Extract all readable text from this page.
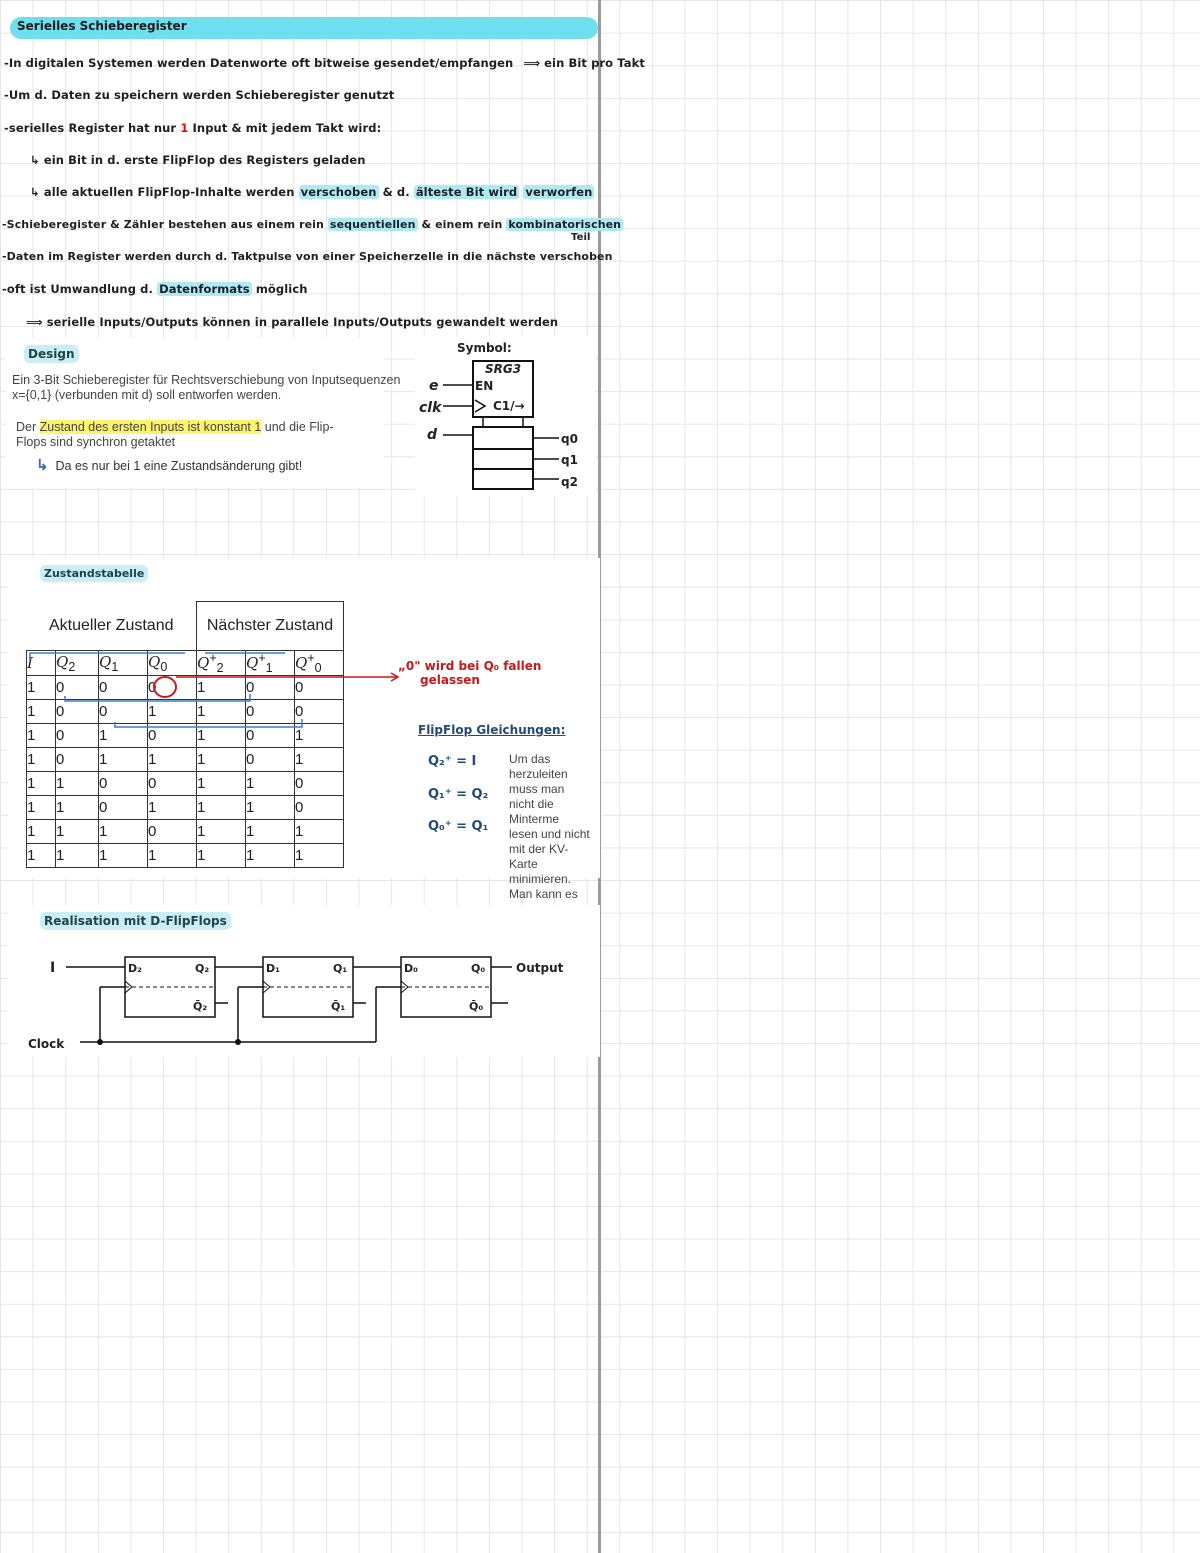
Serielles Schieberegister
-In digitalen Systemen werden Datenworte oft bitweise gesendet/empfangen ⟹ ein Bit pro Takt
-Um d. Daten zu speichern werden Schieberegister genutzt
-serielles Register hat nur 1 Input & mit jedem Takt wird:
↳ ein Bit in d. erste FlipFlop des Registers geladen
↳ alle aktuellen FlipFlop-Inhalte werden verschoben & d. älteste Bit wird verworfen
-Schieberegister & Zähler bestehen aus einem rein sequentiellen & einem rein kombinatorischen
Teil
-Daten im Register werden durch d. Taktpulse von einer Speicherzelle in die nächste verschoben
-oft ist Umwandlung d. Datenformats möglich
⟹ serielle Inputs/Outputs können in parallele Inputs/Outputs gewandelt werden
Design
Ein 3-Bit Schieberegister für Rechtsverschiebung von Inputsequenzen x={0,1} (verbunden mit d) soll entworfen werden.
Der Zustand des ersten Inputs ist konstant 1 und die Flip-Flops sind synchron getaktet
↳ Da es nur bei 1 eine Zustandsänderung gibt!
Symbol:
SRG3
EN
C1/→
e
clk
d	q0
q1
q2
Zustandstabelle
Aktueller Zustand				Nächster Zustand		
I	$Q_2$	$Q_1$	$Q_0$	$Q^+_2$	$Q^+_1$	$Q^+_0$
1	0	0	0	1	0	0
1	0	0	1	1	0	0
1	0	1	0	1	0	1
1	0	1	1	1	0	1
1	1	0	0	1	1	0
1	1	0	1	1	1	0
1	1	1	0	1	1	1
1	1	1	1	1	1	1
„0" wird bei Q₀ fallen
gelassen
FlipFlop Gleichungen:
Q₂⁺ = I
Q₁⁺ = Q₂
Q₀⁺ = Q₁
Um das herzuleiten muss man nicht die Minterme lesen und nicht mit der KV-Karte minimieren. Man kann es
Realisation mit D-FlipFlops
I
Clock
Output
D₂	Q₂
Q̄₂
D₁	Q₁
Q̄₁
D₀	Q₀
Q̄₀
